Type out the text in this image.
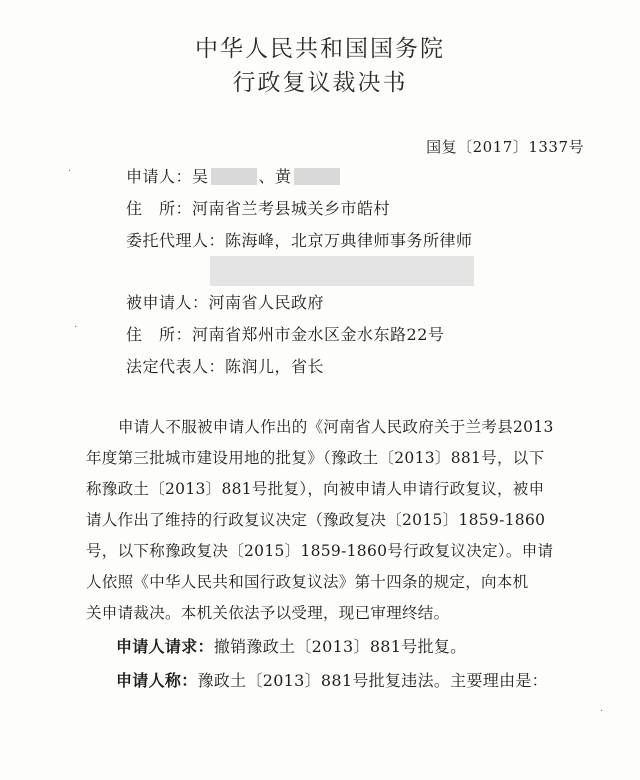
中华人民共和国国务院
行政复议裁决书
国复〔2017〕1337号
·
·
·
申请人：吴	、黄
住　所：河南省兰考县城关乡市皓村
委托代理人：陈海峰，北京万典律师事务所律师
被申请人：河南省人民政府
住　所：河南省郑州市金水区金水东路22号
法定代表人：陈润儿，省长
申请人不服被申请人作出的《河南省人民政府关于兰考县2013
年度第三批城市建设用地的批复》（豫政土〔2013〕881号，以下
称豫政土〔2013〕881号批复），向被申请人申请行政复议，被申
请人作出了维持的行政复议决定（豫政复决〔2015〕1859-1860
号，以下称豫政复决〔2015〕1859-1860号行政复议决定）。申请
人依照《中华人民共和国行政复议法》第十四条的规定，向本机
关申请裁决。本机关依法予以受理，现已审理终结。
申请人请求：撤销豫政土〔2013〕881号批复。
申请人称：豫政土〔2013〕881号批复违法。主要理由是：
